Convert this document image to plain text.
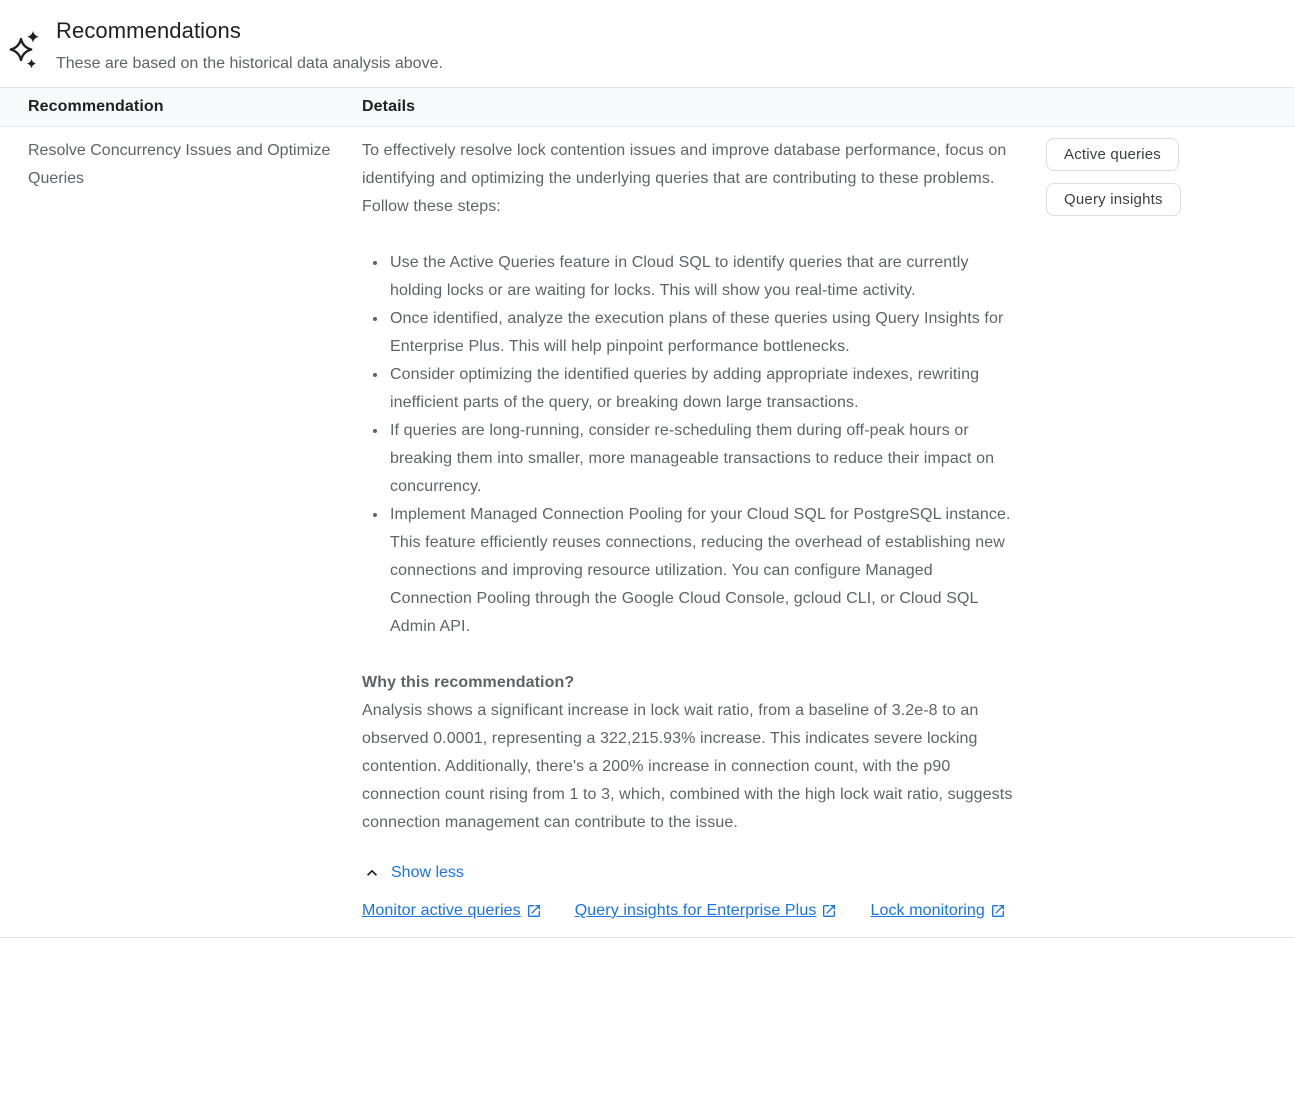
Recommendations
These are based on the historical data analysis above.
Recommendation	Details
Resolve Concurrency Issues and Optimize Queries

To effectively resolve lock contention issues and improve database performance, focus on identifying and optimizing the underlying queries that are contributing to these problems. Follow these steps:

• Use the Active Queries feature in Cloud SQL to identify queries that are currently holding locks or are waiting for locks. This will show you real-time activity.
• Once identified, analyze the execution plans of these queries using Query Insights for Enterprise Plus. This will help pinpoint performance bottlenecks.
• Consider optimizing the identified queries by adding appropriate indexes, rewriting inefficient parts of the query, or breaking down large transactions.
• If queries are long-running, consider re-scheduling them during off-peak hours or breaking them into smaller, more manageable transactions to reduce their impact on concurrency.
• Implement Managed Connection Pooling for your Cloud SQL for PostgreSQL instance. This feature efficiently reuses connections, reducing the overhead of establishing new connections and improving resource utilization. You can configure Managed Connection Pooling through the Google Cloud Console, gcloud CLI, or Cloud SQL Admin API.

Why this recommendation?

Analysis shows a significant increase in lock wait ratio, from a baseline of 3.2e-8 to an observed 0.0001, representing a 322,215.93% increase. This indicates severe locking contention. Additionally, there's a 200% increase in connection count, with the p90 connection count rising from 1 to 3, which, combined with the high lock wait ratio, suggests connection management can contribute to the issue.

Show less
Monitor active queries	Query insights for Enterprise Plus	Lock monitoring
Active queries
Query insights
